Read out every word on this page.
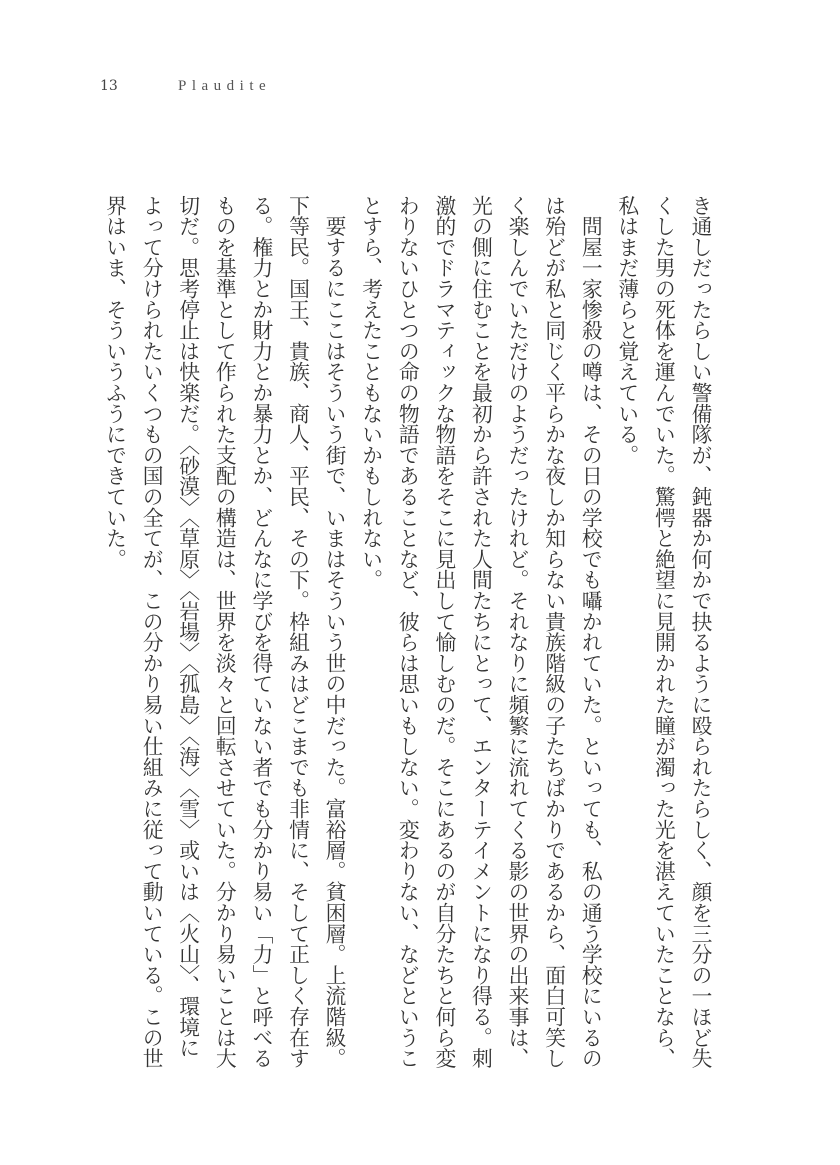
13	Plaudite
き通しだったらしい警備隊が、鈍器か何かで抉るように殴られたらしく、顔を三分の一ほど失
くした男の死体を運んでいた。驚愕と絶望に見開かれた瞳が濁った光を湛えていたことなら、
私はまだ薄らと覚えている。
　問屋一家惨殺の噂は、その日の学校でも囁かれていた。といっても、私の通う学校にいるの
は殆どが私と同じく平らかな夜しか知らない貴族階級の子たちばかりであるから、面白可笑し
く楽しんでいただけのようだったけれど。それなりに頻繁に流れてくる影の世界の出来事は、
光の側に住むことを最初から許された人間たちにとって、エンターテイメントになり得る。刺
激的でドラマティックな物語をそこに見出して愉しむのだ。そこにあるのが自分たちと何ら変
わりないひとつの命の物語であることなど、彼らは思いもしない。変わりない、などというこ
とすら、考えたこともないかもしれない。
　要するにここはそういう街で、いまはそういう世の中だった。富裕層。貧困層。上流階級。
下等民。国王、貴族、商人、平民、その下。枠組みはどこまでも非情に、そして正しく存在す
る。権力とか財力とか暴力とか、どんなに学びを得ていない者でも分かり易い「力」と呼べる
ものを基準として作られた支配の構造は、世界を淡々と回転させていた。分かり易いことは大
切だ。思考停止は快楽だ。〈砂漠〉〈草原〉〈岩場〉〈孤島〉〈海〉〈雪〉或いは〈火山〉、環境に
よって分けられたいくつもの国の全てが、この分かり易い仕組みに従って動いている。この世
界はいま、そういうふうにできていた。
